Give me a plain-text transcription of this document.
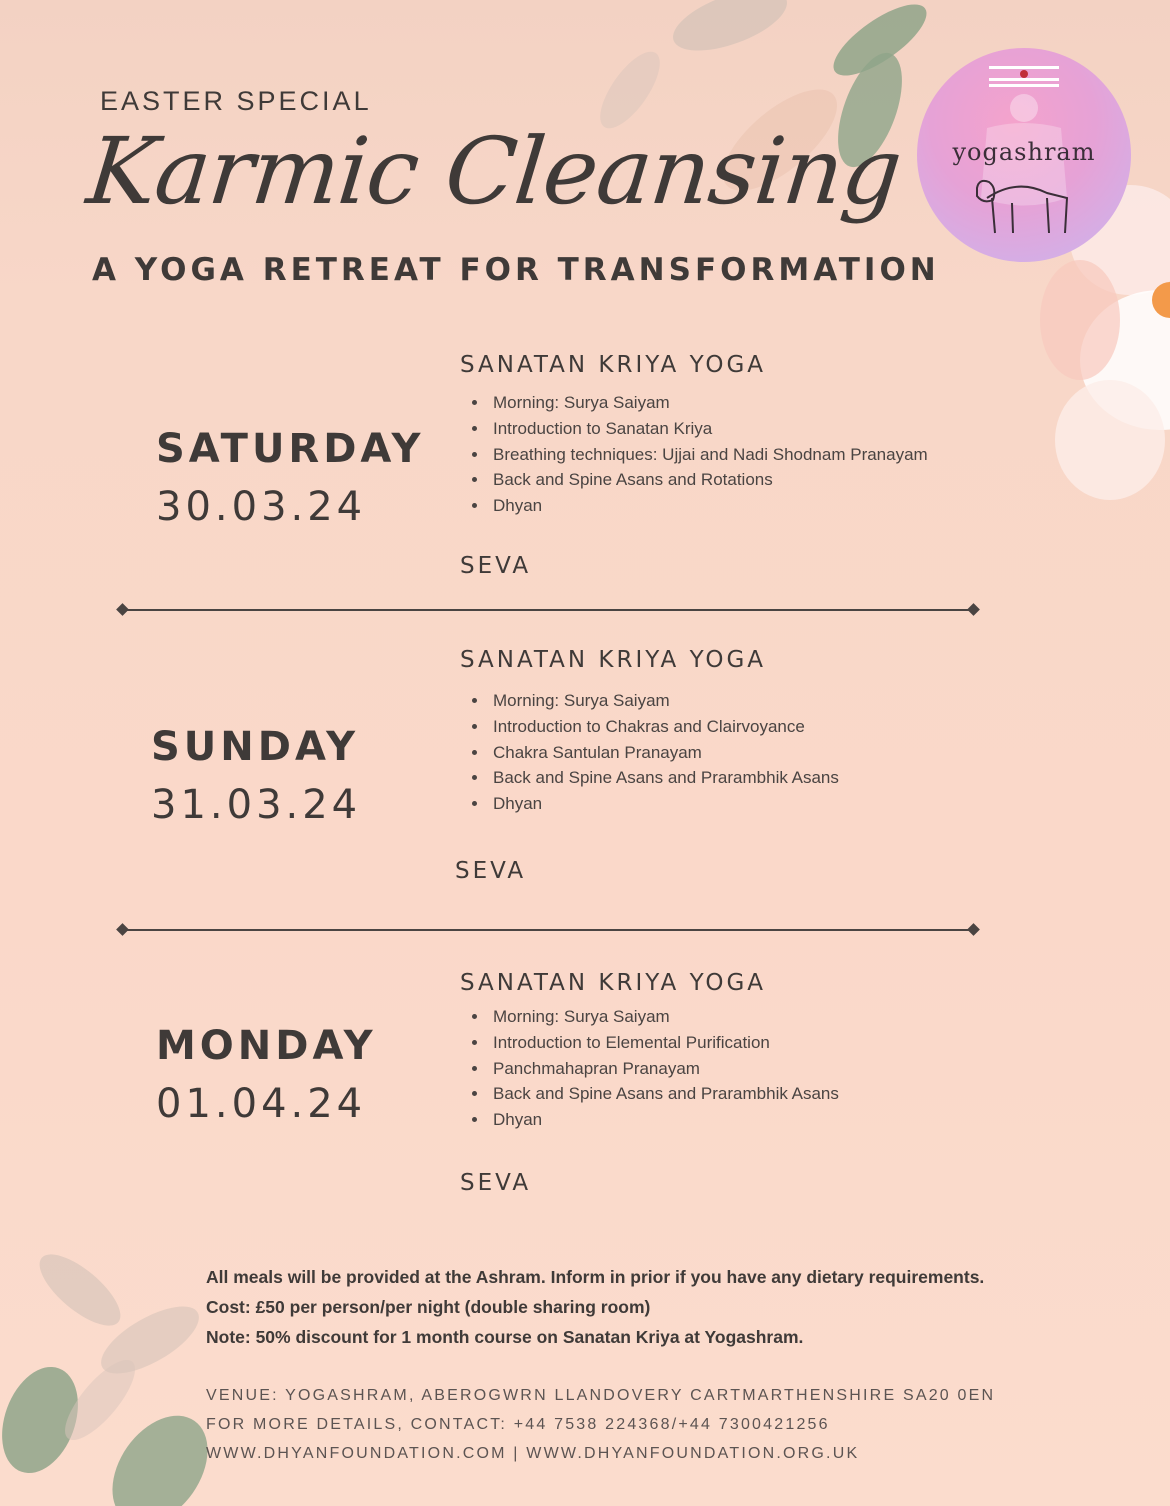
yogashram
EASTER SPECIAL
Karmic Cleansing
A YOGA RETREAT FOR TRANSFORMATION
SATURDAY
30.03.24
SANATAN KRIYA YOGA
Morning: Surya Saiyam
Introduction to Sanatan Kriya
Breathing techniques: Ujjai and Nadi Shodnam Pranayam
Back and Spine Asans and Rotations
Dhyan
SEVA
SUNDAY
31.03.24
SANATAN KRIYA YOGA
Morning: Surya Saiyam
Introduction to Chakras and Clairvoyance
Chakra Santulan Pranayam
Back and Spine Asans and Prarambhik Asans
Dhyan
SEVA
MONDAY
01.04.24
SANATAN KRIYA YOGA
Morning: Surya Saiyam
Introduction to Elemental Purification
Panchmahapran Pranayam
Back and Spine Asans and Prarambhik Asans
Dhyan
SEVA
All meals will be provided at the Ashram. Inform in prior if you have any dietary requirements.
Cost: £50 per person/per night (double sharing room)
Note: 50% discount for 1 month course on Sanatan Kriya at Yogashram.
VENUE: YOGASHRAM, ABEROGWRN LLANDOVERY CARTMARTHENSHIRE SA20 0EN
FOR MORE DETAILS, CONTACT: +44 7538 224368/+44 7300421256
WWW.DHYANFOUNDATION.COM | WWW.DHYANFOUNDATION.ORG.UK
